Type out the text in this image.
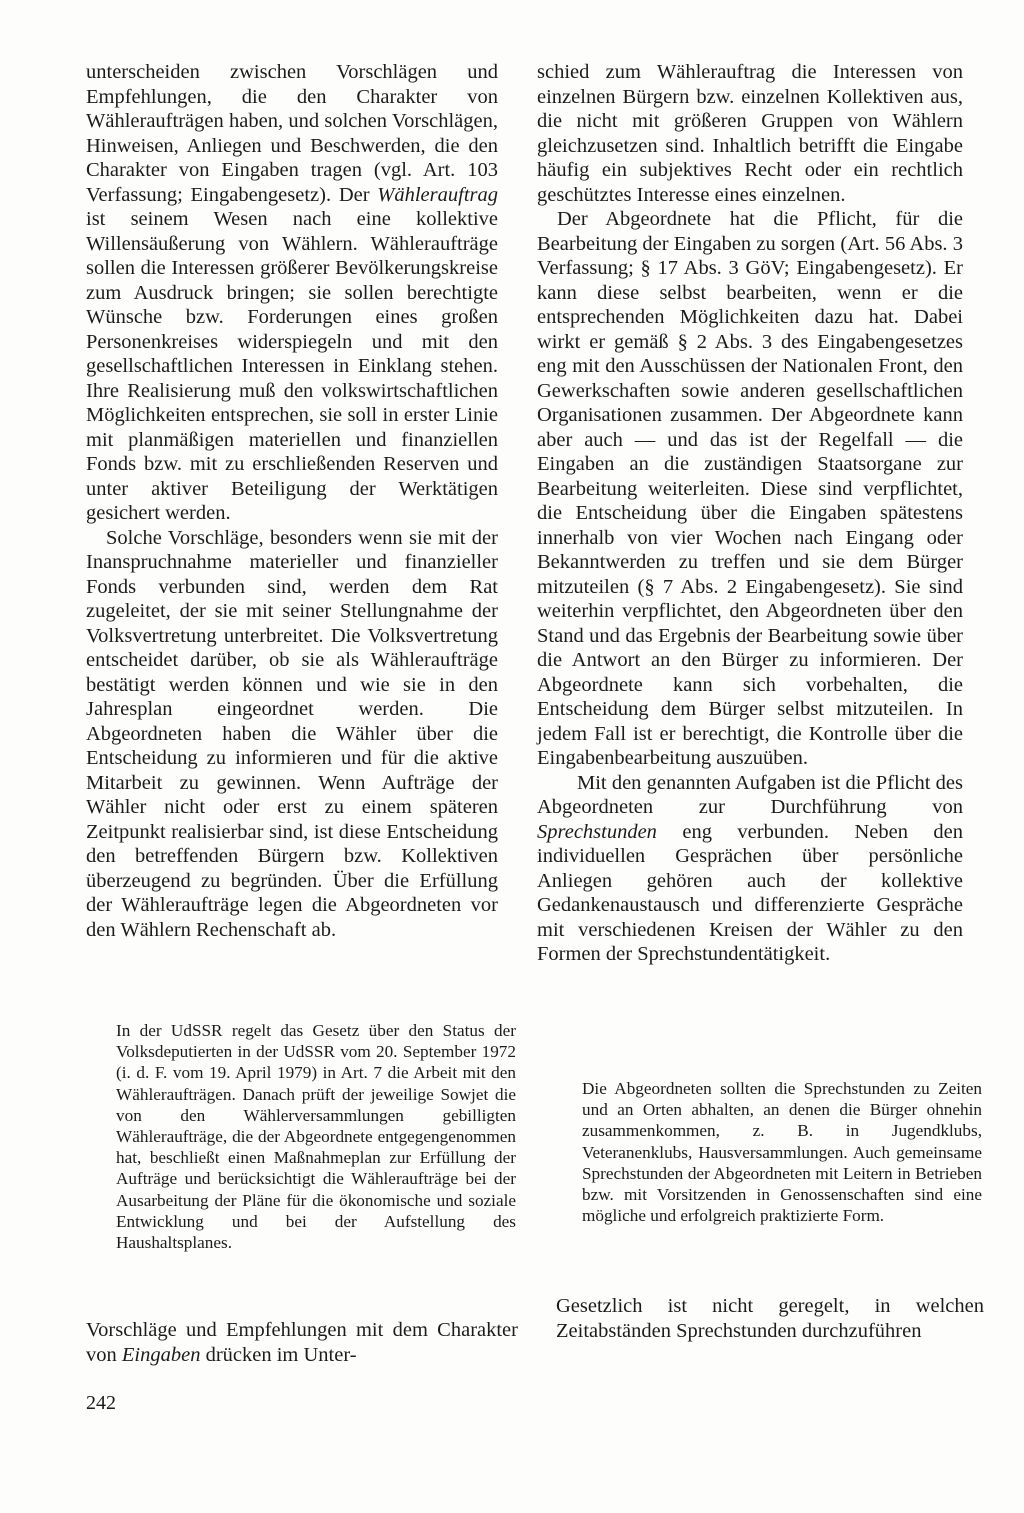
unterscheiden zwischen Vorschlägen und Empfehlungen, die den Charakter von Wähleraufträgen haben, und solchen Vorschlägen, Hinweisen, Anliegen und Beschwerden, die den Charakter von Eingaben tragen (vgl. Art. 103 Verfassung; Eingabengesetz). Der Wählerauftrag ist seinem Wesen nach eine kollektive Willensäußerung von Wählern. Wähleraufträge sollen die Interessen größerer Bevölkerungskreise zum Ausdruck bringen; sie sollen berechtigte Wünsche bzw. Forderungen eines großen Personenkreises widerspiegeln und mit den gesellschaftlichen Interessen in Einklang stehen. Ihre Realisierung muß den volkswirtschaftlichen Möglichkeiten entsprechen, sie soll in erster Linie mit planmäßigen materiellen und finanziellen Fonds bzw. mit zu erschließenden Reserven und unter aktiver Beteiligung der Werktätigen gesichert werden.

Solche Vorschläge, besonders wenn sie mit der Inanspruchnahme materieller und finanzieller Fonds verbunden sind, werden dem Rat zugeleitet, der sie mit seiner Stellungnahme der Volksvertretung unterbreitet. Die Volksvertretung entscheidet darüber, ob sie als Wähleraufträge bestätigt werden können und wie sie in den Jahresplan eingeordnet werden. Die Abgeordneten haben die Wähler über die Entscheidung zu informieren und für die aktive Mitarbeit zu gewinnen. Wenn Aufträge der Wähler nicht oder erst zu einem späteren Zeitpunkt realisierbar sind, ist diese Entscheidung den betreffenden Bürgern bzw. Kollektiven überzeugend zu begründen. Über die Erfüllung der Wähleraufträge legen die Abgeordneten vor den Wählern Rechenschaft ab.

In der UdSSR regelt das Gesetz über den Status der Volksdeputierten in der UdSSR vom 20. September 1972 (i. d. F. vom 19. April 1979) in Art. 7 die Arbeit mit den Wähleraufträgen. Danach prüft der jeweilige Sowjet die von den Wählerversammlungen gebilligten Wähleraufträge, die der Abgeordnete entgegengenommen hat, beschließt einen Maßnahmeplan zur Erfüllung der Aufträge und berücksichtigt die Wähleraufträge bei der Ausarbeitung der Pläne für die ökonomische und soziale Entwicklung und bei der Aufstellung des Haushaltsplanes.

Vorschläge und Empfehlungen mit dem Charakter von Eingaben drücken im Unter-

schied zum Wählerauftrag die Interessen von einzelnen Bürgern bzw. einzelnen Kollektiven aus, die nicht mit größeren Gruppen von Wählern gleichzusetzen sind. Inhaltlich betrifft die Eingabe häufig ein subjektives Recht oder ein rechtlich geschütztes Interesse eines einzelnen.

Der Abgeordnete hat die Pflicht, für die Bearbeitung der Eingaben zu sorgen (Art. 56 Abs. 3 Verfassung; § 17 Abs. 3 GöV; Eingabengesetz). Er kann diese selbst bearbeiten, wenn er die entsprechenden Möglichkeiten dazu hat. Dabei wirkt er gemäß § 2 Abs. 3 des Eingabengesetzes eng mit den Ausschüssen der Nationalen Front, den Gewerkschaften sowie anderen gesellschaftlichen Organisationen zusammen. Der Abgeordnete kann aber auch — und das ist der Regelfall — die Eingaben an die zuständigen Staatsorgane zur Bearbeitung weiterleiten. Diese sind verpflichtet, die Entscheidung über die Eingaben spätestens innerhalb von vier Wochen nach Eingang oder Bekanntwerden zu treffen und sie dem Bürger mitzuteilen (§ 7 Abs. 2 Eingabengesetz). Sie sind weiterhin verpflichtet, den Abgeordneten über den Stand und das Ergebnis der Bearbeitung sowie über die Antwort an den Bürger zu informieren. Der Abgeordnete kann sich vorbehalten, die Entscheidung dem Bürger selbst mitzuteilen. In jedem Fall ist er berechtigt, die Kontrolle über die Eingabenbearbeitung auszuüben.

Mit den genannten Aufgaben ist die Pflicht des Abgeordneten zur Durchführung von Sprechstunden eng verbunden. Neben den individuellen Gesprächen über persönliche Anliegen gehören auch der kollektive Gedankenaustausch und differenzierte Gespräche mit verschiedenen Kreisen der Wähler zu den Formen der Sprechstundentätigkeit.

Die Abgeordneten sollten die Sprechstunden zu Zeiten und an Orten abhalten, an denen die Bürger ohnehin zusammenkommen, z. B. in Jugendklubs, Veteranenklubs, Hausversammlungen. Auch gemeinsame Sprechstunden der Abgeordneten mit Leitern in Betrieben bzw. mit Vorsitzenden in Genossenschaften sind eine mögliche und erfolgreich praktizierte Form.

Gesetzlich ist nicht geregelt, in welchen Zeitabständen Sprechstunden durchzuführen

242
